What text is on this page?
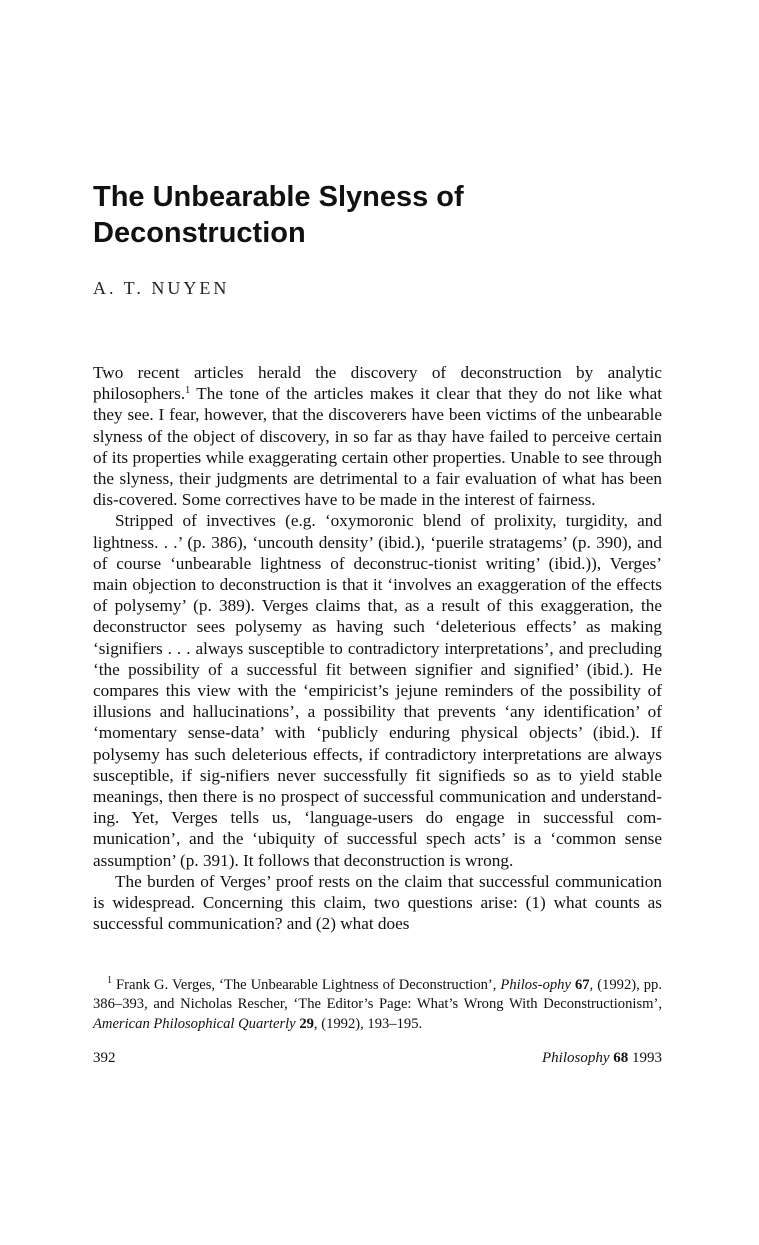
The Unbearable Slyness of Deconstruction
A. T. NUYEN

Two recent articles herald the discovery of deconstruction by analytic philosophers.$^1$ The tone of the articles makes it clear that they do not like what they see. I fear, however, that the discoverers have been victims of the unbearable slyness of the object of discovery, in so far as thay have failed to perceive certain of its properties while exaggerating certain other properties. Unable to see through the slyness, their judgments are detrimental to a fair evaluation of what has been dis-covered. Some correctives have to be made in the interest of fairness.

Stripped of invectives (e.g. ‘oxymoronic blend of prolixity, turgidity, and lightness. . .’ (p. 386), ‘uncouth density’ (ibid.), ‘puerile stratagems’ (p. 390), and of course ‘unbearable lightness of deconstruc-tionist writing’ (ibid.)), Verges’ main objection to deconstruction is that it ‘involves an exaggeration of the effects of polysemy’ (p. 389). Verges claims that, as a result of this exaggeration, the deconstructor sees polysemy as having such ‘deleterious effects’ as making ‘signifiers . . . always susceptible to contradictory interpretations’, and precluding ‘the possibility of a successful fit between signifier and signified’ (ibid.). He compares this view with the ‘empiricist’s jejune reminders of the possibility of illusions and hallucinations’, a possibility that prevents ‘any identification’ of ‘momentary sense-data’ with ‘publicly enduring physical objects’ (ibid.). If polysemy has such deleterious effects, if contradictory interpretations are always susceptible, if sig-nifiers never successfully fit signifieds so as to yield stable meanings, then there is no prospect of successful communication and understand-ing. Yet, Verges tells us, ‘language-users do engage in successful com-munication’, and the ‘ubiquity of successful spech acts’ is a ‘common sense assumption’ (p. 391). It follows that deconstruction is wrong.

The burden of Verges’ proof rests on the claim that successful communication is widespread. Concerning this claim, two questions arise: (1) what counts as successful communication? and (2) what does

$^1$ Frank G. Verges, ‘The Unbearable Lightness of Deconstruction’, Philos-ophy 67, (1992), pp. 386–393, and Nicholas Rescher, ‘The Editor’s Page: What’s Wrong With Deconstructionism’, American Philosophical Quarterly 29, (1992), 193–195.
392	Philosophy 68 1993
